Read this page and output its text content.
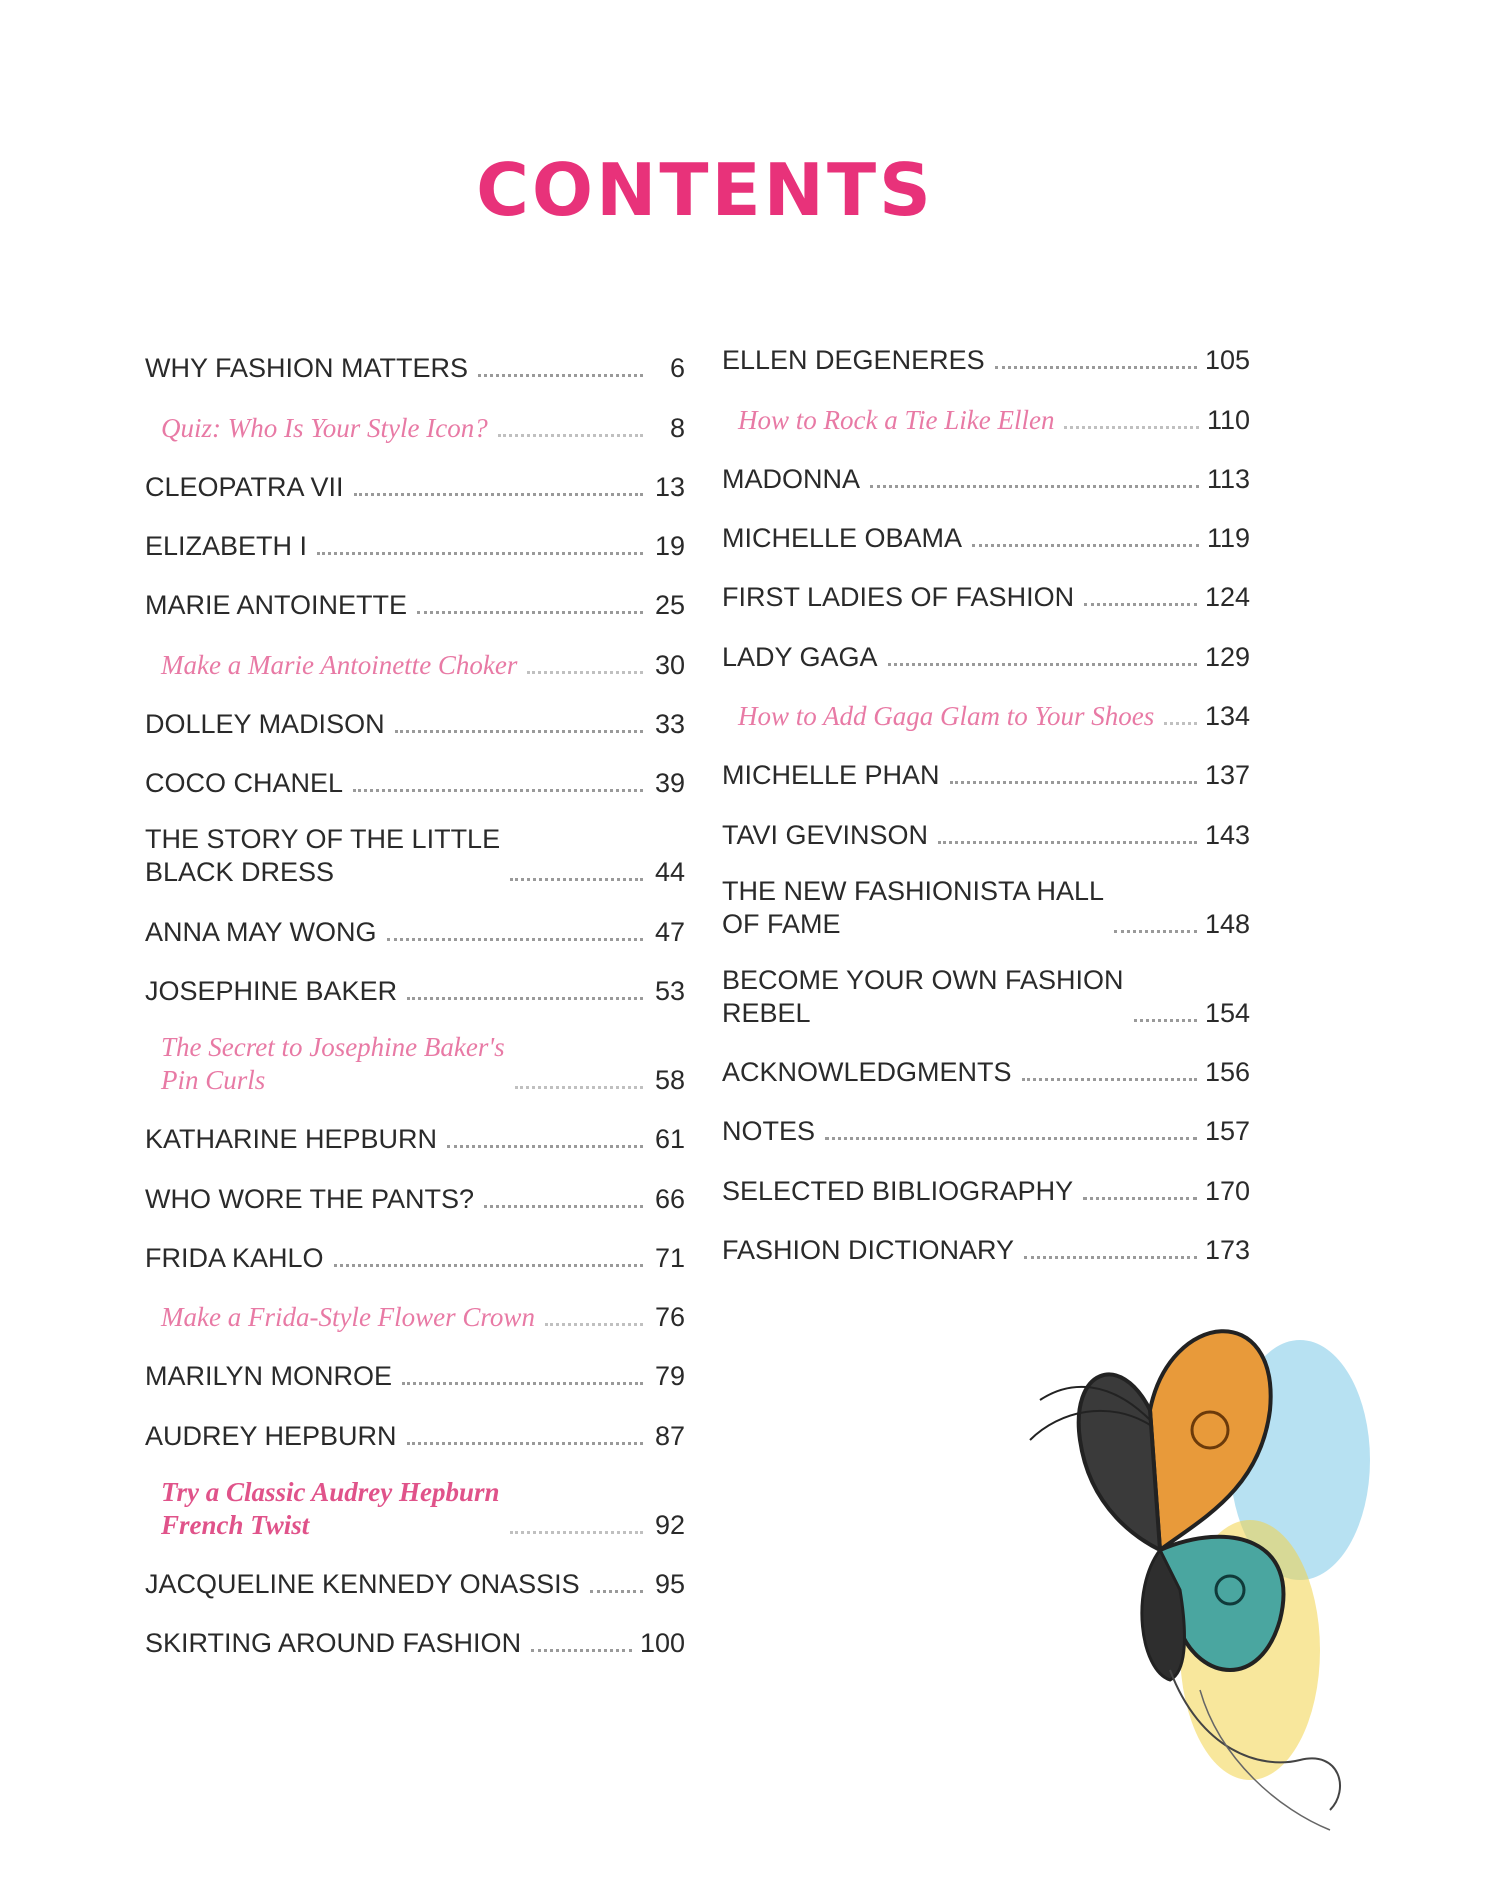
CONTENTS
WHY FASHION MATTERS	6
Quiz: Who Is Your Style Icon?	8
CLEOPATRA VII	13
ELIZABETH I	19
MARIE ANTOINETTE	25
Make a Marie Antoinette Choker	30
DOLLEY MADISON	33
COCO CHANEL	39
THE STORY OF THE LITTLE
BLACK DRESS	44
ANNA MAY WONG	47
JOSEPHINE BAKER	53
The Secret to Josephine Baker's
Pin Curls	58
KATHARINE HEPBURN	61
WHO WORE THE PANTS?	66
FRIDA KAHLO	71
Make a Frida-Style Flower Crown	76
MARILYN MONROE	79
AUDREY HEPBURN	87
Try a Classic Audrey Hepburn
French Twist	92
JACQUELINE KENNEDY ONASSIS	95
SKIRTING AROUND FASHION	100
ELLEN DEGENERES	105
How to Rock a Tie Like Ellen	110
MADONNA	113
MICHELLE OBAMA	119
FIRST LADIES OF FASHION	124
LADY GAGA	129
How to Add Gaga Glam to Your Shoes 134
MICHELLE PHAN	137
TAVI GEVINSON	143
THE NEW FASHIONISTA HALL
OF FAME	148
BECOME YOUR OWN FASHION
REBEL	154
ACKNOWLEDGMENTS	156
NOTES	157
SELECTED BIBLIOGRAPHY	170
FASHION DICTIONARY	173
